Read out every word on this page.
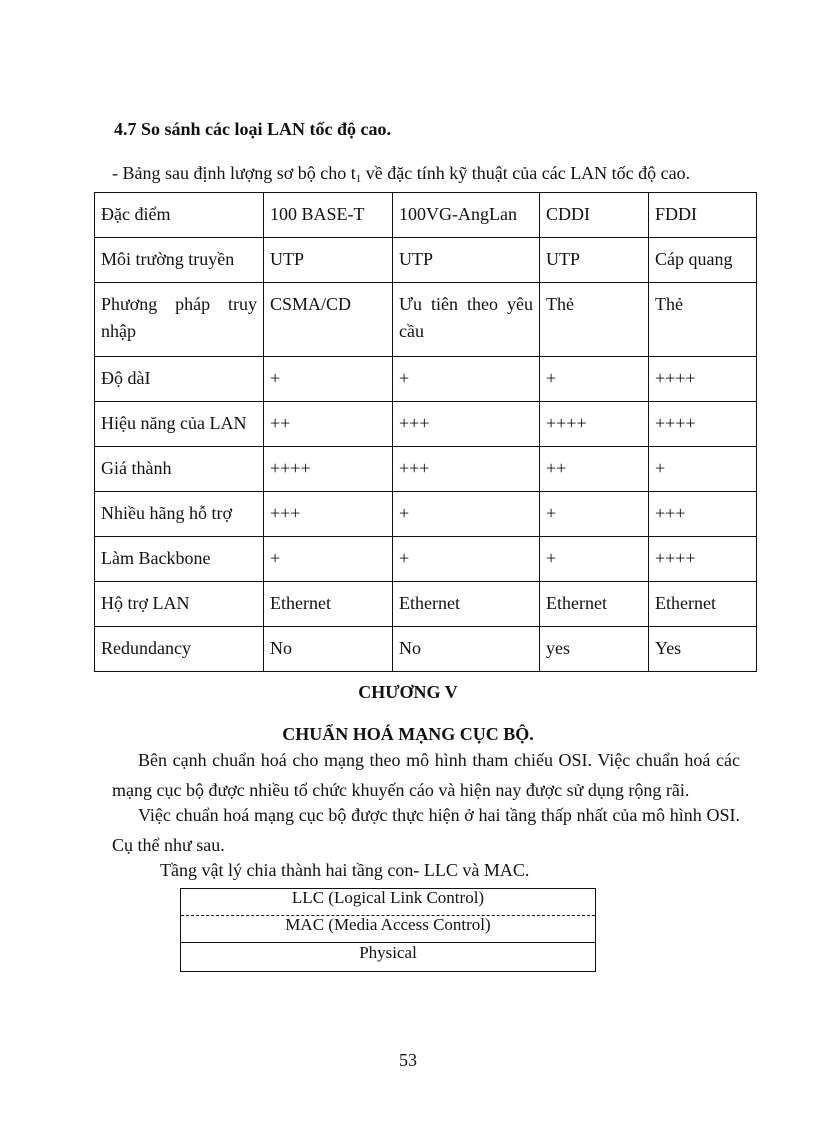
4.7 So sánh các loại LAN tốc độ cao.

- Bảng sau định lượng sơ bộ cho $t_1$ về đặc tính kỹ thuật của các LAN tốc độ cao.

Đặc điểm	100 BASE-T	100VG-AngLan	CDDI	FDDI
Môi trường truyền	UTP	UTP	UTP	Cáp quang
Phương pháp truy nhập	CSMA/CD	Ưu tiên theo yêu cầu	Thẻ	Thẻ
Độ dàI	+	+	+	++++
Hiệu năng của LAN	++	+++	++++	++++
Giá thành	++++	+++	++	+
Nhiều hãng hỗ trợ	+++	+	+	+++
Làm Backbone	+	+	+	++++
Hộ trợ LAN	Ethernet	Ethernet	Ethernet	Ethernet
Redundancy	No	No	yes	Yes
CHƯƠNG V
CHUẨN HOÁ MẠNG CỤC BỘ.

Bên cạnh chuẩn hoá cho mạng theo mô hình tham chiếu OSI. Việc chuẩn hoá các mạng cục bộ được nhiều tổ chức khuyến cáo và hiện nay được sử dụng rộng rãi.

Việc chuẩn hoá mạng cục bộ được thực hiện ở hai tầng thấp nhất của mô hình OSI. Cụ thể như sau.

Tầng vật lý chia thành hai tầng con- LLC và MAC.

LLC (Logical Link Control)
MAC (Media Access Control)
Physical

53
